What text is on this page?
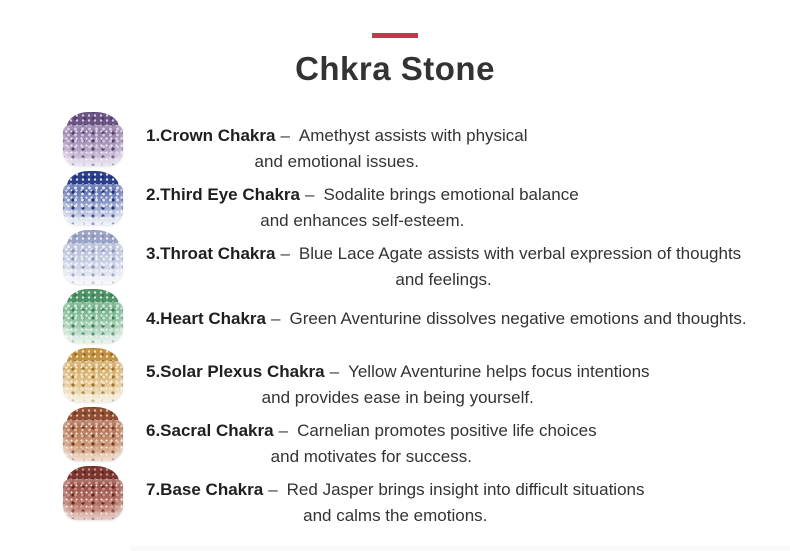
Chkra Stone
1.Crown Chakra – Amethyst assists with physical
and emotional issues.
2.Third Eye Chakra – Sodalite brings emotional balance
and enhances self-esteem.
3.Throat Chakra – Blue Lace Agate assists with verbal expression of thoughts
and feelings.
4.Heart Chakra – Green Aventurine dissolves negative emotions and thoughts.
5.Solar Plexus Chakra – Yellow Aventurine helps focus intentions
and provides ease in being yourself.
6.Sacral Chakra – Carnelian promotes positive life choices
and motivates for success.
7.Base Chakra – Red Jasper brings insight into difficult situations
and calms the emotions.
